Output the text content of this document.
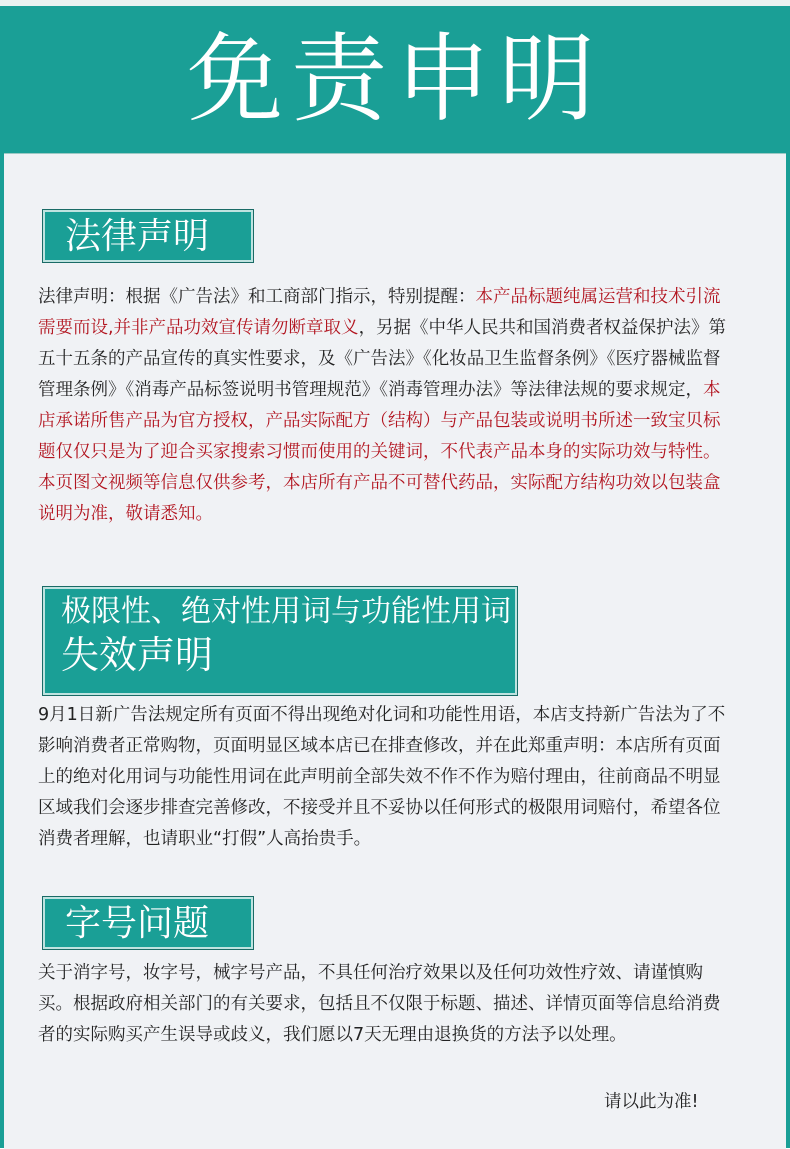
免责申明
法律声明
法律声明：根据《广告法》和工商部门指示，特别提醒：本产品标题纯属运营和技术引流需要而设,并非产品功效宣传请勿断章取义，另据《中华人民共和国消费者权益保护法》第五十五条的产品宣传的真实性要求，及《广告法》《化妆品卫生监督条例》《医疗器械监督管理条例》《消毒产品标签说明书管理规范》《消毒管理办法》等法律法规的要求规定，本店承诺所售产品为官方授权，产品实际配方（结构）与产品包装或说明书所述一致宝贝标题仅仅只是为了迎合买家搜索习惯而使用的关键词，不代表产品本身的实际功效与特性。本页图文视频等信息仅供参考，本店所有产品不可替代药品，实际配方结构功效以包装盒说明为准，敬请悉知。
极限性、绝对性用词与功能性用词
失效声明
9月1日新广告法规定所有页面不得出现绝对化词和功能性用语，本店支持新广告法为了不影响消费者正常购物，页面明显区域本店已在排查修改，并在此郑重声明：本店所有页面上的绝对化用词与功能性用词在此声明前全部失效不作不作为赔付理由，往前商品不明显区域我们会逐步排查完善修改，不接受并且不妥协以任何形式的极限用词赔付，希望各位消费者理解，也请职业“打假”人高抬贵手。
字号问题
关于消字号，妆字号，械字号产品，不具任何治疗效果以及任何功效性疗效、请谨慎购买。根据政府相关部门的有关要求，包括且不仅限于标题、描述、详情页面等信息给消费者的实际购买产生误导或歧义，我们愿以7天无理由退换货的方法予以处理。
请以此为准!
